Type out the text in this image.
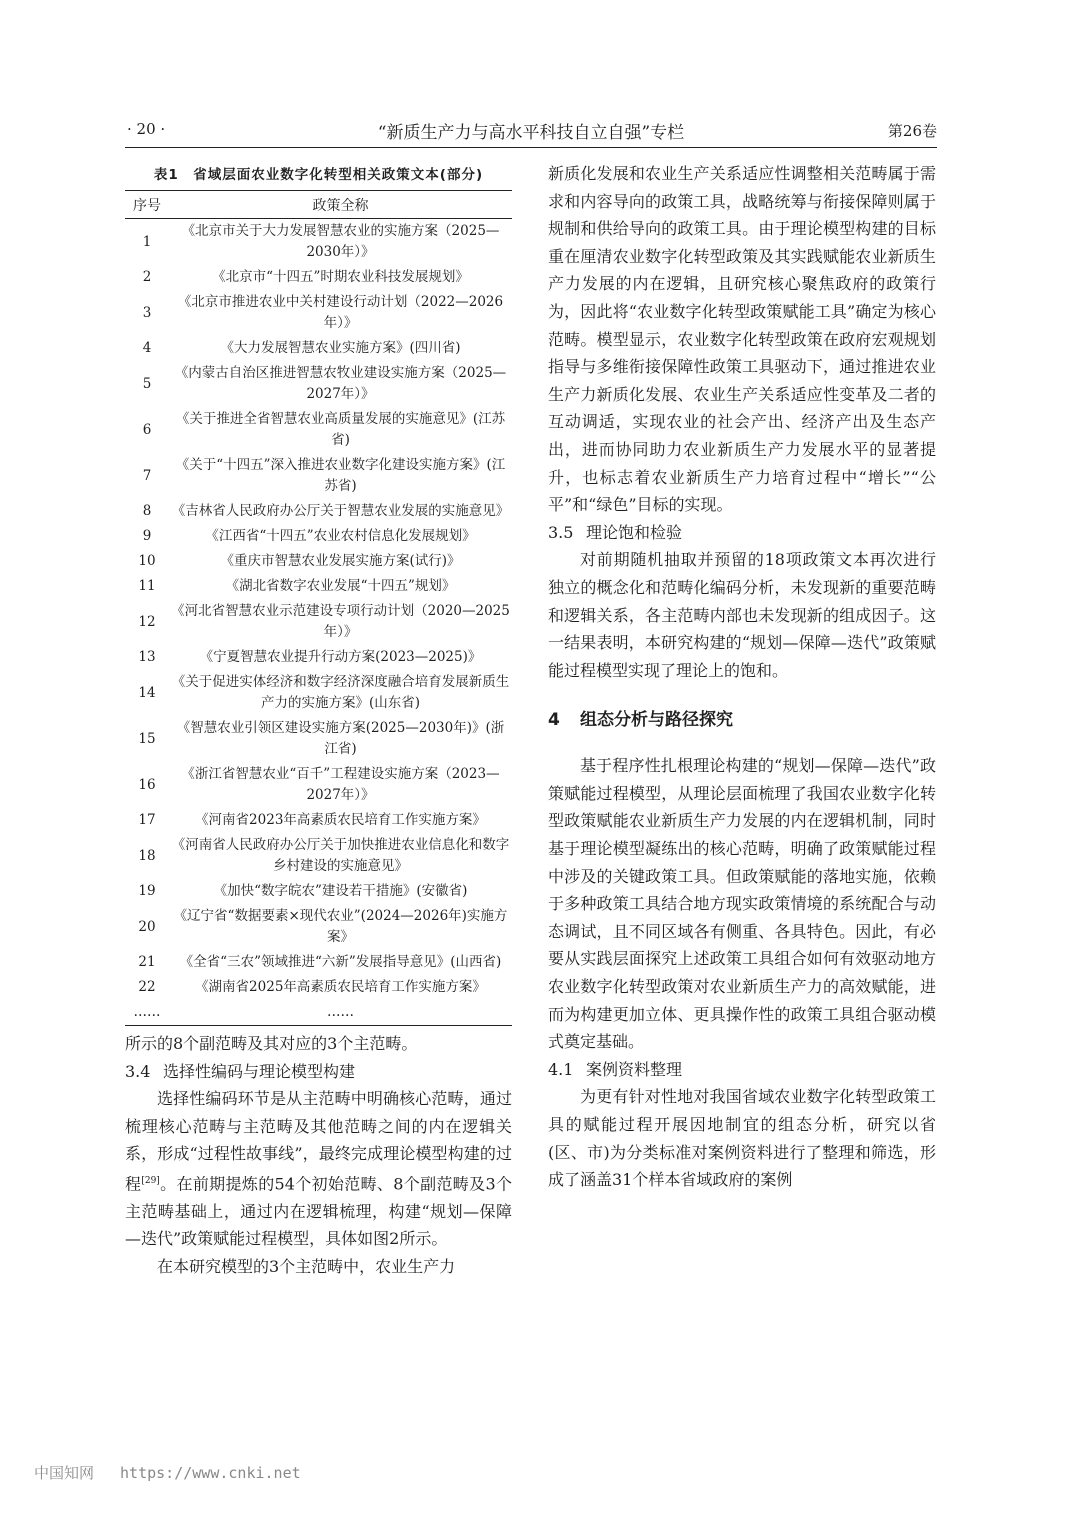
· 20 ·	“新质生产力与高水平科技自立自强”专栏	第26卷
表1　省域层面农业数字化转型相关政策文本(部分)
序号	政策全称
1	《北京市关于大力发展智慧农业的实施方案（2025—2030年）》
2	《北京市“十四五”时期农业科技发展规划》
3	《北京市推进农业中关村建设行动计划（2022—2026年）》
4	《大力发展智慧农业实施方案》(四川省)
5	《内蒙古自治区推进智慧农牧业建设实施方案（2025—2027年）》
6	《关于推进全省智慧农业高质量发展的实施意见》(江苏省)
7	《关于“十四五”深入推进农业数字化建设实施方案》(江苏省)
8	《吉林省人民政府办公厅关于智慧农业发展的实施意见》
9	《江西省“十四五”农业农村信息化发展规划》
10	《重庆市智慧农业发展实施方案(试行)》
11	《湖北省数字农业发展“十四五”规划》
12	《河北省智慧农业示范建设专项行动计划（2020—2025年）》
13	《宁夏智慧农业提升行动方案(2023—2025)》
14	《关于促进实体经济和数字经济深度融合培育发展新质生产力的实施方案》(山东省)
15	《智慧农业引领区建设实施方案(2025—2030年)》(浙江省)
16	《浙江省智慧农业“百千”工程建设实施方案（2023—2027年）》
17	《河南省2023年高素质农民培育工作实施方案》
18	《河南省人民政府办公厅关于加快推进农业信息化和数字乡村建设的实施意见》
19	《加快“数字皖农”建设若干措施》(安徽省)
20	《辽宁省“数据要素×现代农业”(2024—2026年)实施方案》
21	《全省“三农”领域推进“六新”发展指导意见》(山西省)
22	《湖南省2025年高素质农民培育工作实施方案》
……	……

所示的8个副范畴及其对应的3个主范畴。

3.4 选择性编码与理论模型构建

选择性编码环节是从主范畴中明确核心范畴，通过梳理核心范畴与主范畴及其他范畴之间的内在逻辑关系，形成“过程性故事线”，最终完成理论模型构建的过程[29]。在前期提炼的54个初始范畴、8个副范畴及3个主范畴基础上，通过内在逻辑梳理，构建“规划—保障—迭代”政策赋能过程模型，具体如图2所示。

在本研究模型的3个主范畴中，农业生产力

新质化发展和农业生产关系适应性调整相关范畴属于需求和内容导向的政策工具，战略统筹与衔接保障则属于规制和供给导向的政策工具。由于理论模型构建的目标重在厘清农业数字化转型政策及其实践赋能农业新质生产力发展的内在逻辑，且研究核心聚焦政府的政策行为，因此将“农业数字化转型政策赋能工具”确定为核心范畴。模型显示，农业数字化转型政策在政府宏观规划指导与多维衔接保障性政策工具驱动下，通过推进农业生产力新质化发展、农业生产关系适应性变革及二者的互动调适，实现农业的社会产出、经济产出及生态产出，进而协同助力农业新质生产力发展水平的显著提升，也标志着农业新质生产力培育过程中“增长”“公平”和“绿色”目标的实现。

3.5 理论饱和检验

对前期随机抽取并预留的18项政策文本再次进行独立的概念化和范畴化编码分析，未发现新的重要范畴和逻辑关系，各主范畴内部也未发现新的组成因子。这一结果表明，本研究构建的“规划—保障—迭代”政策赋能过程模型实现了理论上的饱和。

4 组态分析与路径探究

基于程序性扎根理论构建的“规划—保障—迭代”政策赋能过程模型，从理论层面梳理了我国农业数字化转型政策赋能农业新质生产力发展的内在逻辑机制，同时基于理论模型凝练出的核心范畴，明确了政策赋能过程中涉及的关键政策工具。但政策赋能的落地实施，依赖于多种政策工具结合地方现实政策情境的系统配合与动态调试，且不同区域各有侧重、各具特色。因此，有必要从实践层面探究上述政策工具组合如何有效驱动地方农业数字化转型政策对农业新质生产力的高效赋能，进而为构建更加立体、更具操作性的政策工具组合驱动模式奠定基础。

4.1 案例资料整理

为更有针对性地对我国省域农业数字化转型政策工具的赋能过程开展因地制宜的组态分析，研究以省(区、市)为分类标准对案例资料进行了整理和筛选，形成了涵盖31个样本省域政府的案例

中国知网 https://www.cnki.net
